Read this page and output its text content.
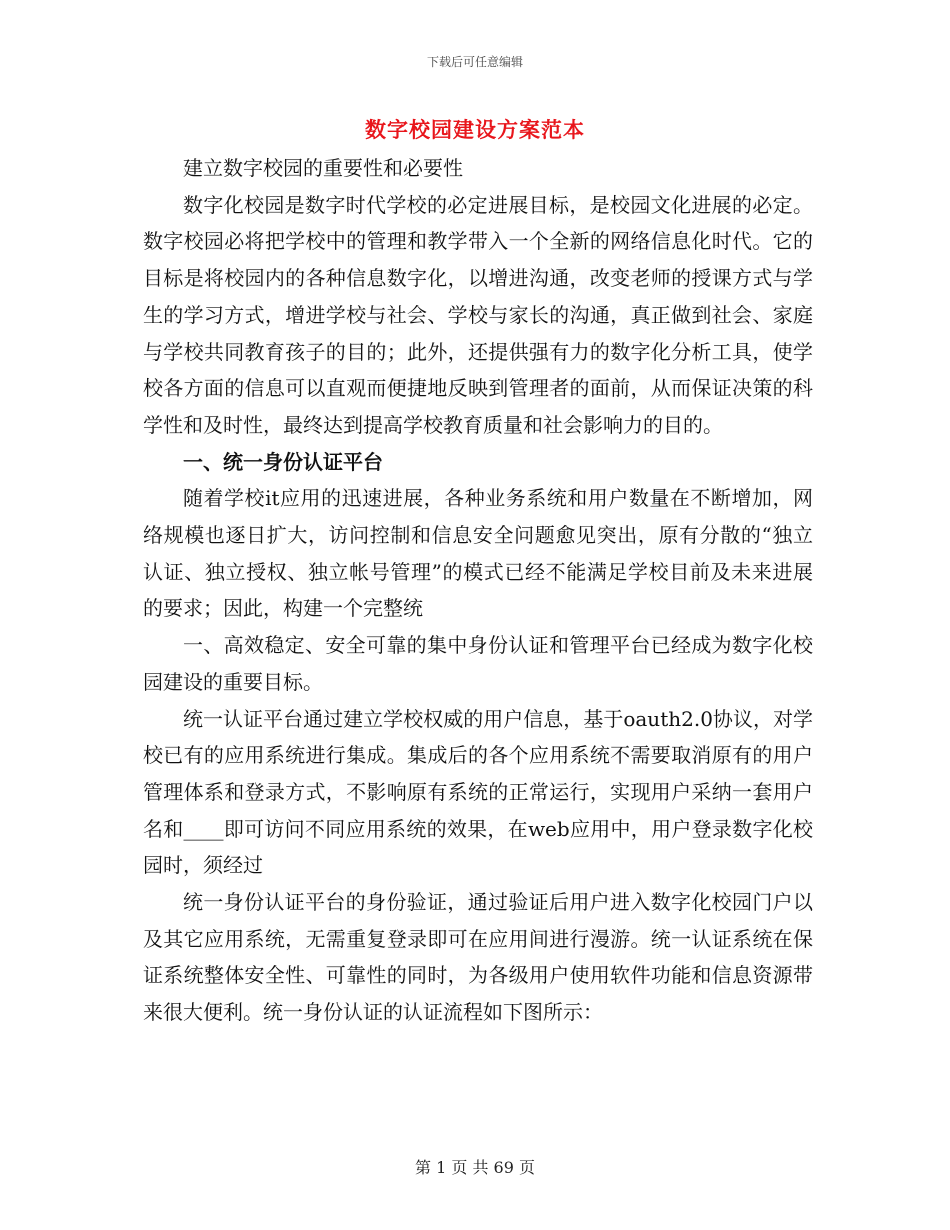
下载后可任意编辑
数字校园建设方案范本

建立数字校园的重要性和必要性

数字化校园是数字时代学校的必定进展目标，是校园文化进展的必定。数字校园必将把学校中的管理和教学带入一个全新的网络信息化时代。它的目标是将校园内的各种信息数字化，以增进沟通，改变老师的授课方式与学生的学习方式，增进学校与社会、学校与家长的沟通，真正做到社会、家庭与学校共同教育孩子的目的；此外，还提供强有力的数字化分析工具，使学校各方面的信息可以直观而便捷地反映到管理者的面前，从而保证决策的科学性和及时性，最终达到提高学校教育质量和社会影响力的目的。

一、统一身份认证平台

随着学校it应用的迅速进展，各种业务系统和用户数量在不断增加，网络规模也逐日扩大，访问控制和信息安全问题愈见突出，原有分散的“独立认证、独立授权、独立帐号管理”的模式已经不能满足学校目前及未来进展的要求；因此，构建一个完整统

一、高效稳定、安全可靠的集中身份认证和管理平台已经成为数字化校园建设的重要目标。

统一认证平台通过建立学校权威的用户信息，基于oauth2.0协议，对学校已有的应用系统进行集成。集成后的各个应用系统不需要取消原有的用户管理体系和登录方式，不影响原有系统的正常运行，实现用户采纳一套用户名和____即可访问不同应用系统的效果，在web应用中，用户登录数字化校园时，须经过

统一身份认证平台的身份验证，通过验证后用户进入数字化校园门户以及其它应用系统，无需重复登录即可在应用间进行漫游。统一认证系统在保证系统整体安全性、可靠性的同时，为各级用户使用软件功能和信息资源带来很大便利。统一身份认证的认证流程如下图所示：

第 1 页 共 69 页
